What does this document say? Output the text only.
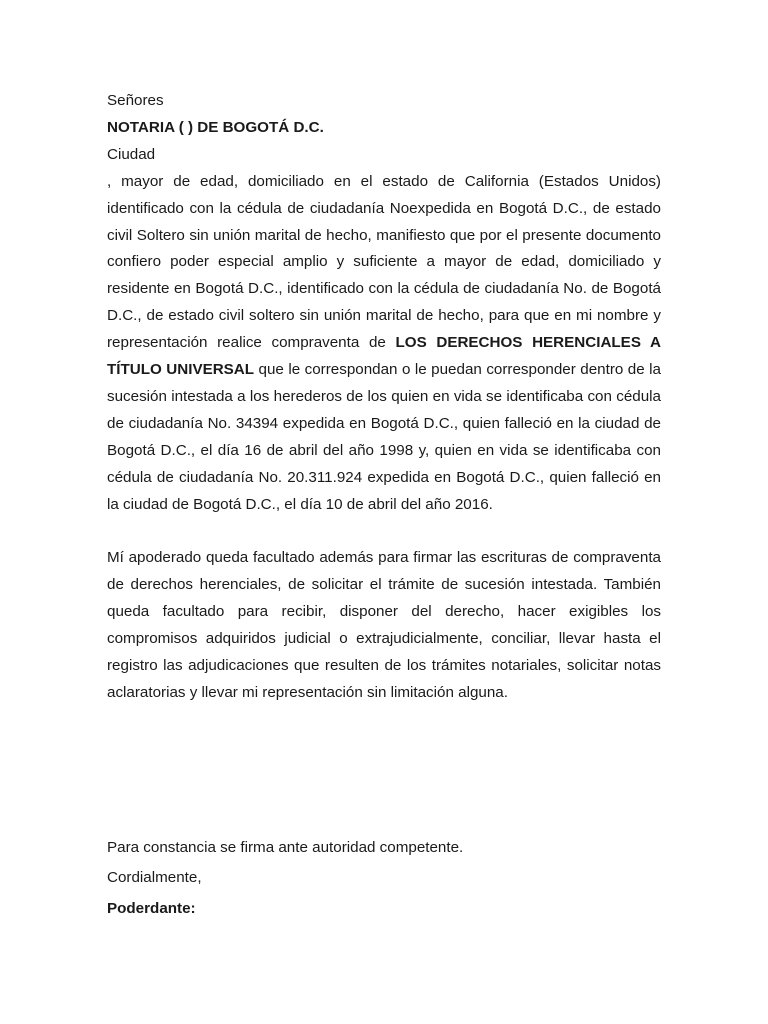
Señores
NOTARIA ( ) DE BOGOTÁ D.C.
Ciudad
, mayor de edad, domiciliado en el estado de California (Estados Unidos)
identificado con la cédula de ciudadanía Noexpedida en Bogotá D.C., de estado
civil Soltero sin unión marital de hecho, manifiesto que por el presente documento
confiero poder especial amplio y suficiente a mayor de edad, domiciliado y
residente en Bogotá D.C., identificado con la cédula de ciudadanía No. de Bogotá
D.C., de estado civil soltero sin unión marital de hecho, para que en mi nombre y
representación realice compraventa de LOS DERECHOS HERENCIALES A
TÍTULO UNIVERSAL que le correspondan o le puedan corresponder dentro de la
sucesión intestada a los herederos de los quien en vida se identificaba con cédula
de ciudadanía No. 34394 expedida en Bogotá D.C., quien falleció en la ciudad de
Bogotá D.C., el día 16 de abril del año 1998 y, quien en vida se identificaba con
cédula de ciudadanía No. 20.311.924 expedida en Bogotá D.C., quien falleció en
la ciudad de Bogotá D.C., el día 10 de abril del año 2016.
Mí apoderado queda facultado además para firmar las escrituras de compraventa
de derechos herenciales, de solicitar el trámite de sucesión intestada. También
queda facultado para recibir, disponer del derecho, hacer exigibles los
compromisos adquiridos judicial o extrajudicialmente, conciliar, llevar hasta el
registro las adjudicaciones que resulten de los trámites notariales, solicitar notas
aclaratorias y llevar mi representación sin limitación alguna.
Para constancia se firma ante autoridad competente.
Cordialmente,
Poderdante:
